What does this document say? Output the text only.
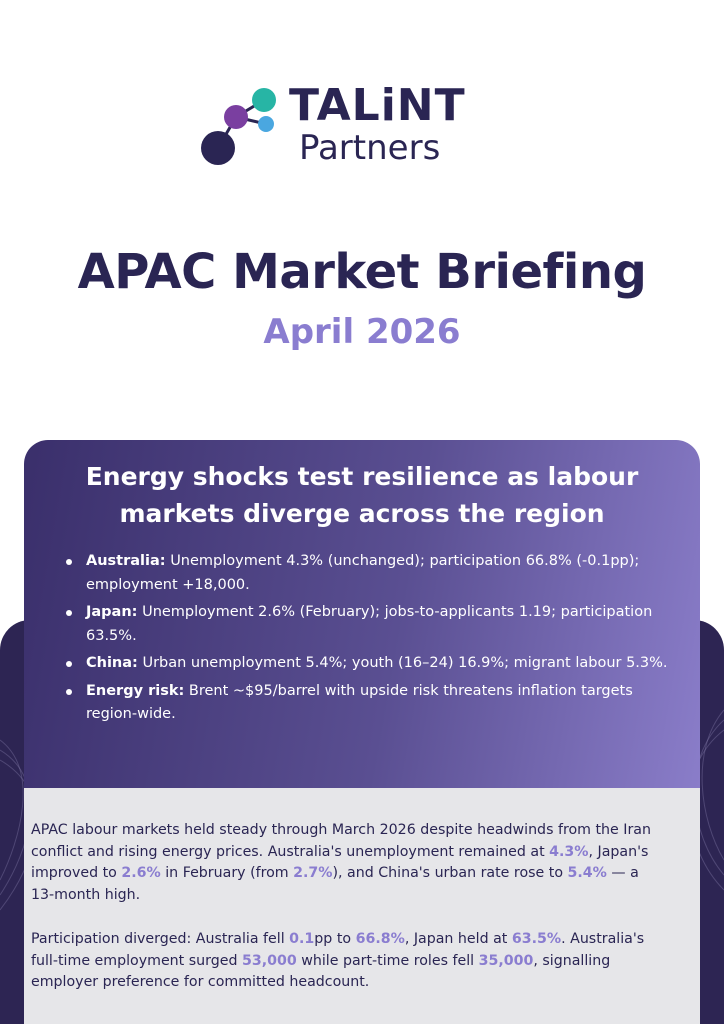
TALiNT
Partners
APAC Market Briefing
April 2026
Energy shocks test resilience as labour markets diverge across the region
Australia: Unemployment 4.3% (unchanged); participation 66.8% (-0.1pp); employment +18,000.
Japan: Unemployment 2.6% (February); jobs-to-applicants 1.19; participation 63.5%.
China: Urban unemployment 5.4%; youth (16–24) 16.9%; migrant labour 5.3%.
Energy risk: Brent ~$95/barrel with upside risk threatens inflation targets region-wide.

APAC labour markets held steady through March 2026 despite headwinds from the Iran conflict and rising energy prices. Australia's unemployment remained at 4.3%, Japan's improved to 2.6% in February (from 2.7%), and China's urban rate rose to 5.4% — a 13-month high.

Participation diverged: Australia fell 0.1pp to 66.8%, Japan held at 63.5%. Australia's full-time employment surged 53,000 while part-time roles fell 35,000, signalling employer preference for committed headcount.
